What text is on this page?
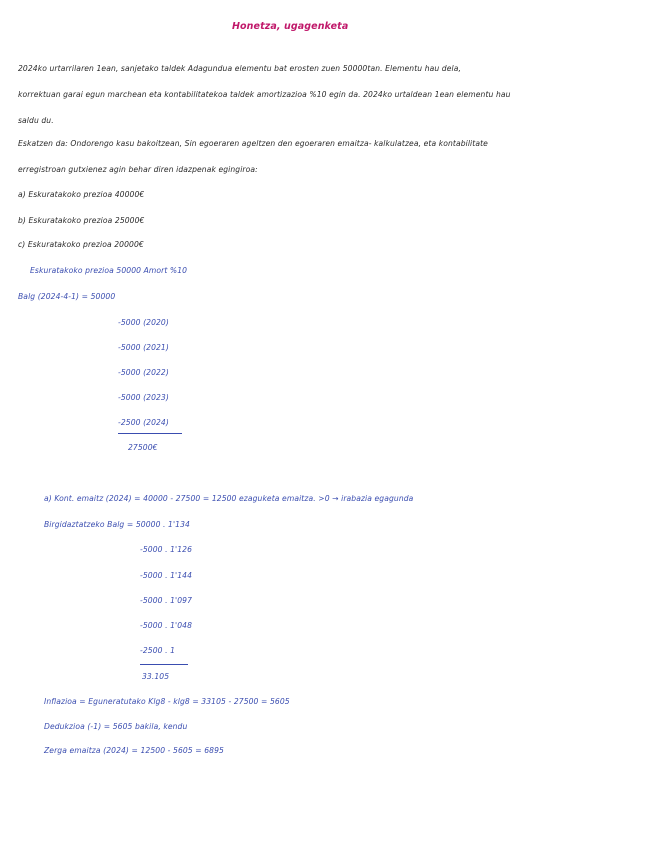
Honetza, ugagenketa
2024ko urtarrilaren 1ean, sanjetako taldek Adagundua elementu bat erosten zuen 50000tan. Elementu hau dela,
korrektuan garai egun marchean eta kontabilitatekoa taldek amortizazioa %10 egin da. 2024ko urtaldean 1ean elementu hau
saldu du.
Eskatzen da: Ondorengo kasu bakoitzean, Sin egoeraren ageltzen den egoeraren emaitza- kalkulatzea, eta kontabilitate
erregistroan gutxienez agin behar diren idazpenak egingiroa:
a) Eskuratakoko prezioa 40000€
b) Eskuratakoko prezioa 25000€
c) Eskuratakoko prezioa 20000€
Eskuratakoko prezioa 50000 Amort %10
Balg (2024-4-1) = 50000
-5000 (2020)
-5000 (2021)
-5000 (2022)
-5000 (2023)
-2500 (2024)
27500€
a) Kont. emaitz (2024) = 40000 - 27500 = 12500 ezaguketa emaitza. >0 → irabazia egagunda
Birgidaztatzeko Balg = 50000 . 1'134
-5000 . 1'126
-5000 . 1'144
-5000 . 1'097
-5000 . 1'048
-2500 . 1
33.105
Inflazioa = Eguneratutako Klg8 - klg8 = 33105 - 27500 = 5605
Dedukzioa (-1) = 5605 bakila, kendu
Zerga emaitza (2024) = 12500 - 5605 = 6895
